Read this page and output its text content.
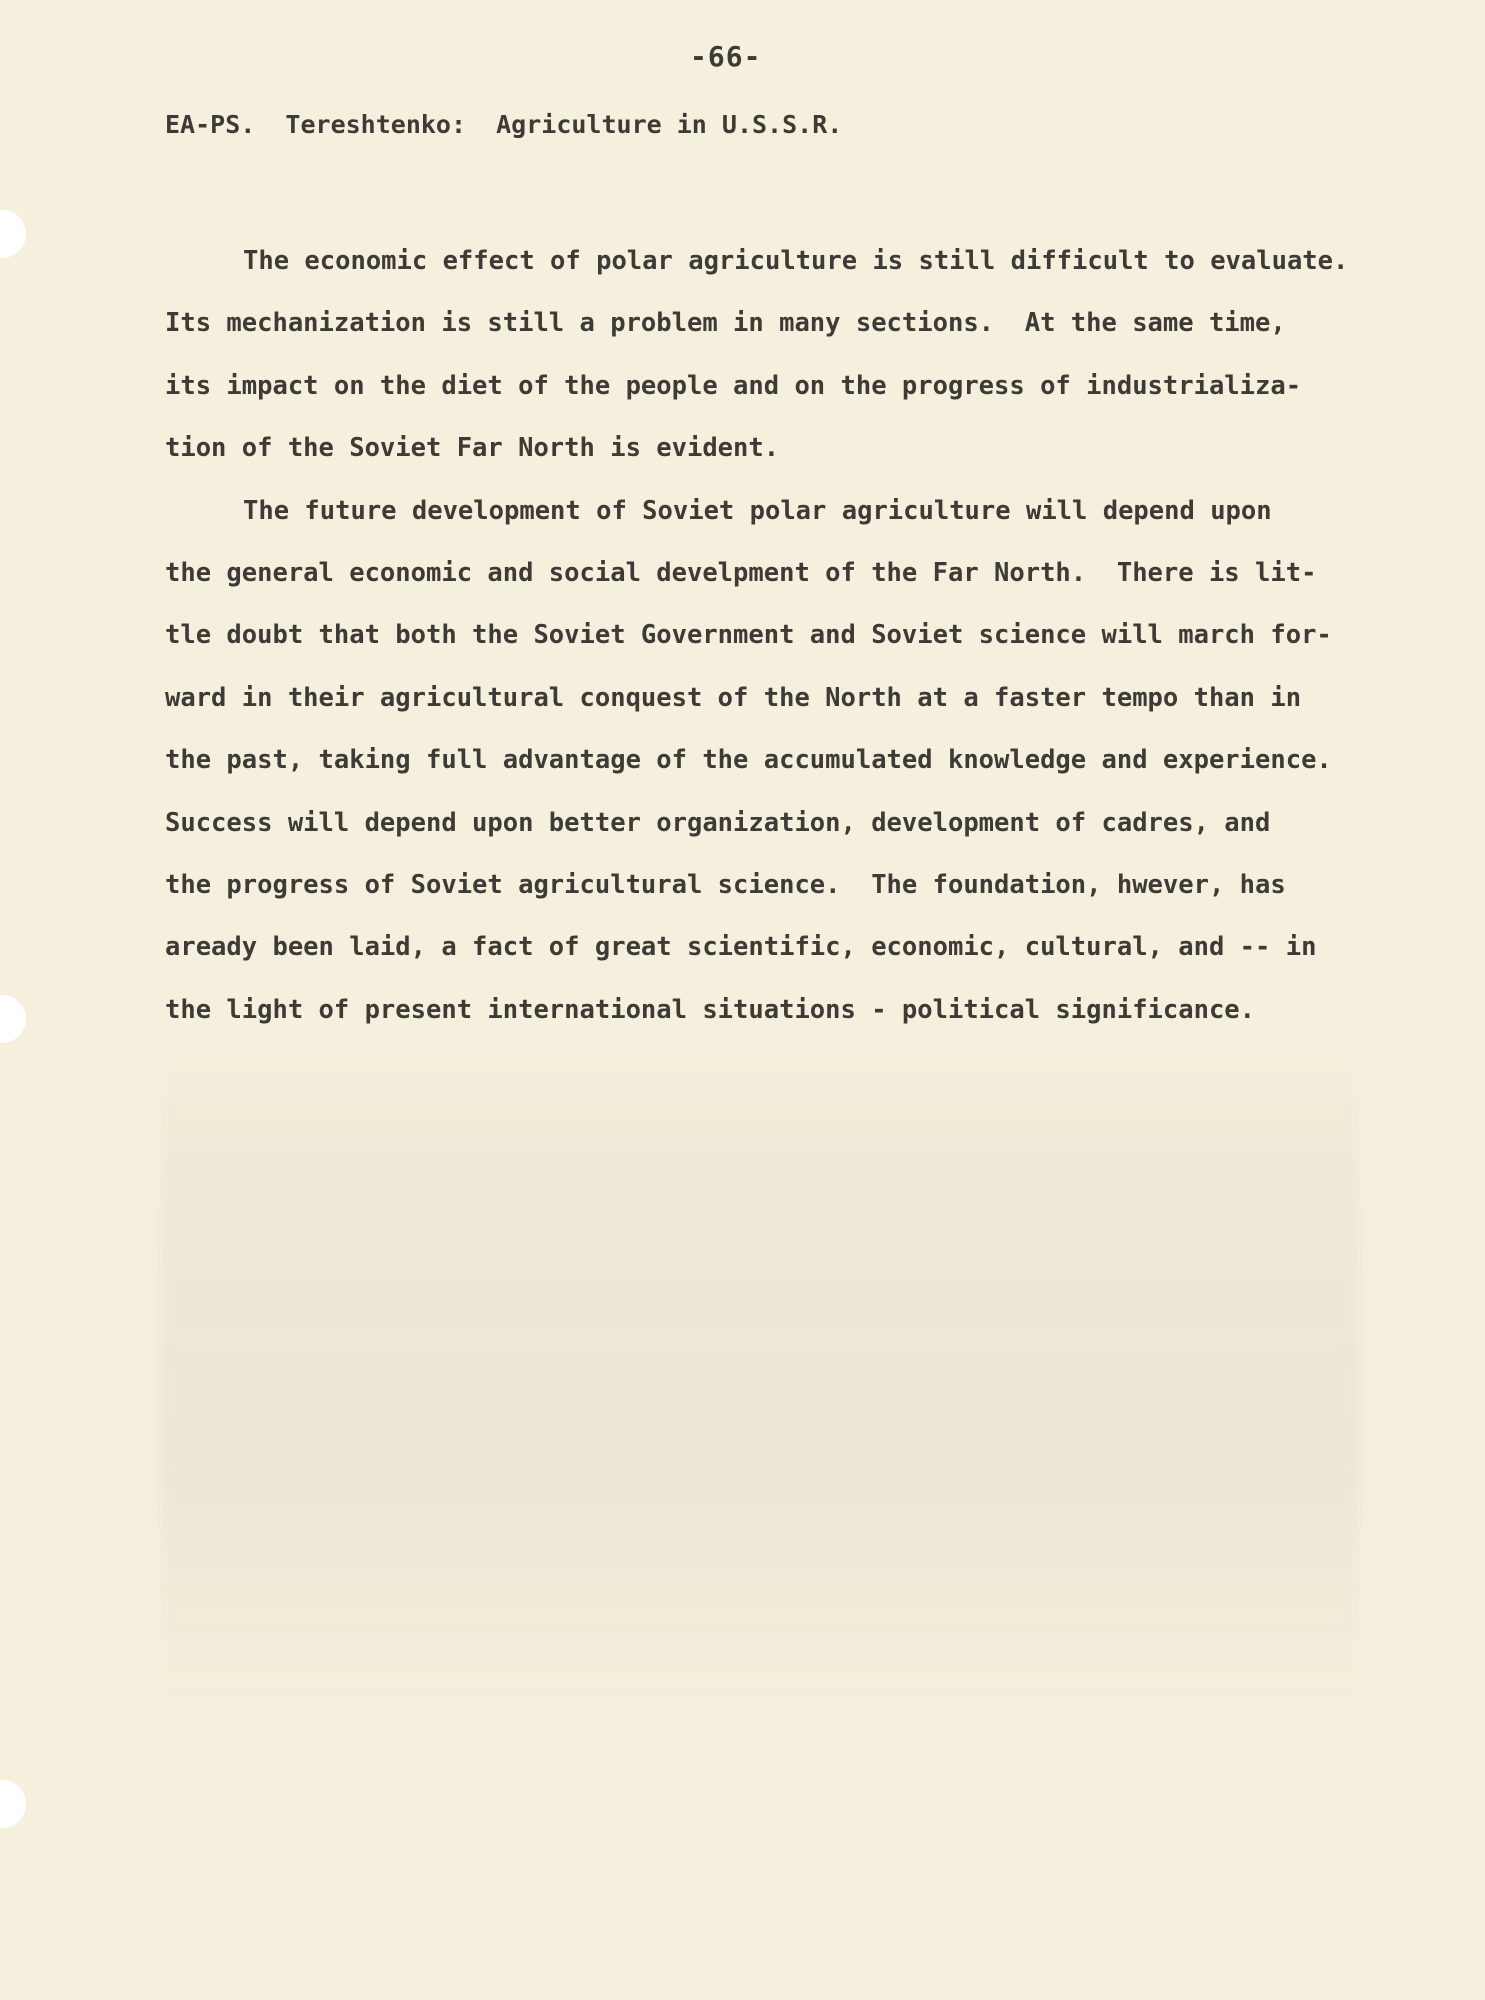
-66-
EA-PS.  Tereshtenko:  Agriculture in U.S.S.R.
The economic effect of polar agriculture is still difficult to evaluate.
Its mechanization is still a problem in many sections.  At the same time,
its impact on the diet of the people and on the progress of industrializa-
tion of the Soviet Far North is evident.
The future development of Soviet polar agriculture will depend upon
the general economic and social develpment of the Far North.  There is lit-
tle doubt that both the Soviet Government and Soviet science will march for-
ward in their agricultural conquest of the North at a faster tempo than in
the past, taking full advantage of the accumulated knowledge and experience.
Success will depend upon better organization, development of cadres, and
the progress of Soviet agricultural science.  The foundation, hwever, has
aready been laid, a fact of great scientific, economic, cultural, and -- in
the light of present international situations - political significance.
